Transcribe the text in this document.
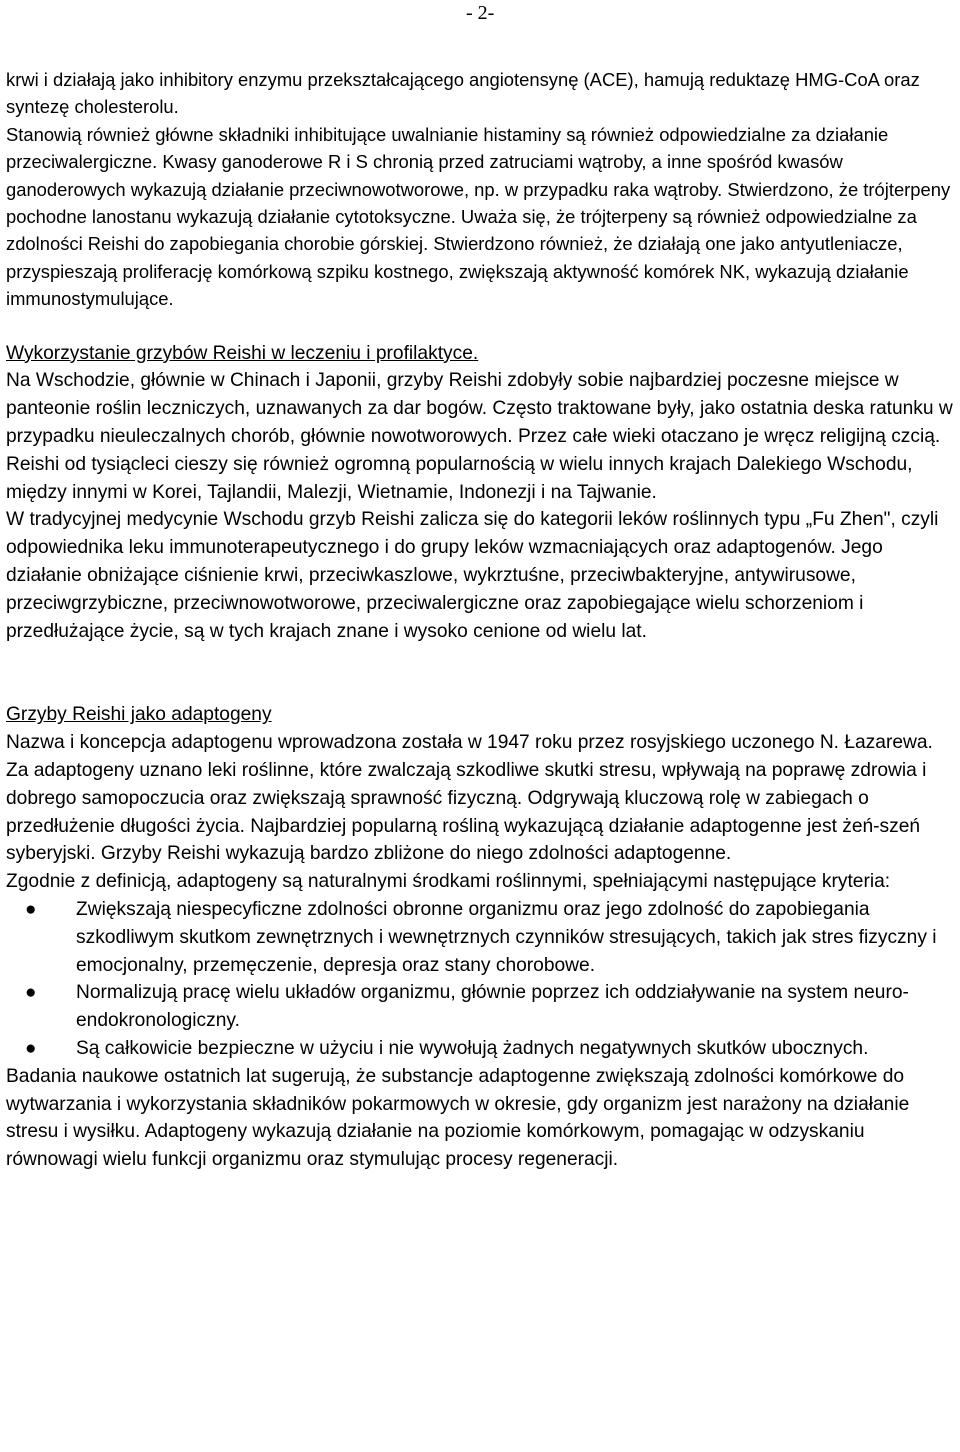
- 2-

krwi i działają jako inhibitory enzymu przekształcającego angiotensynę (ACE), hamują reduktazę HMG-CoA oraz syntezę cholesterolu.

Stanowią również główne składniki inhibitujące uwalnianie histaminy są również odpowiedzialne za działanie przeciwalergiczne. Kwasy ganoderowe R i S chronią przed zatruciami wątroby, a inne spośród kwasów ganoderowych wykazują działanie przeciwnowotworowe, np. w przypadku raka wątroby. Stwierdzono, że trójterpeny pochodne lanostanu wykazują działanie cytotoksyczne. Uważa się, że trójterpeny są również odpowiedzialne za zdolności Reishi do zapobiegania chorobie górskiej. Stwierdzono również, że działają one jako antyutleniacze, przyspieszają proliferację komórkową szpiku kostnego, zwiększają aktywność komórek NK, wykazują działanie immunostymulujące.

Wykorzystanie grzybów Reishi w leczeniu i profilaktyce.

Na Wschodzie, głównie w Chinach i Japonii, grzyby Reishi zdobyły sobie najbardziej poczesne miejsce w panteonie roślin leczniczych, uznawanych za dar bogów. Często traktowane były, jako ostatnia deska ratunku w przypadku nieuleczalnych chorób, głównie nowotworowych. Przez całe wieki otaczano je wręcz religijną czcią.

Reishi od tysiącleci cieszy się również ogromną popularnością w wielu innych krajach Dalekiego Wschodu, między innymi w Korei, Tajlandii, Malezji, Wietnamie, Indonezji i na Tajwanie.

W tradycyjnej medycynie Wschodu grzyb Reishi zalicza się do kategorii leków roślinnych typu „Fu Zhen", czyli odpowiednika leku immunoterapeutycznego i do grupy leków wzmacniających oraz adaptogenów. Jego działanie obniżające ciśnienie krwi, przeciwkaszlowe, wykrztuśne, przeciwbakteryjne, antywirusowe, przeciwgrzybiczne, przeciwnowotworowe, przeciwalergiczne oraz zapobiegające wielu schorzeniom i przedłużające życie, są w tych krajach znane i wysoko cenione od wielu lat.

Grzyby Reishi jako adaptogeny

Nazwa i koncepcja adaptogenu wprowadzona została w 1947 roku przez rosyjskiego uczonego N. Łazarewa. Za adaptogeny uznano leki roślinne, które zwalczają szkodliwe skutki stresu, wpływają na poprawę zdrowia i dobrego samopoczucia oraz zwiększają sprawność fizyczną. Odgrywają kluczową rolę w zabiegach o przedłużenie długości życia. Najbardziej popularną rośliną wykazującą działanie adaptogenne jest żeń-szeń syberyjski. Grzyby Reishi wykazują bardzo zbliżone do niego zdolności adaptogenne.

Zgodnie z definicją, adaptogeny są naturalnymi środkami roślinnymi, spełniającymi następujące kryteria:

● Zwiększają niespecyficzne zdolności obronne organizmu oraz jego zdolność do zapobiegania szkodliwym skutkom zewnętrznych i wewnętrznych czynników stresujących, takich jak stres fizyczny i emocjonalny, przemęczenie, depresja oraz stany chorobowe.
● Normalizują pracę wielu układów organizmu, głównie poprzez ich oddziaływanie na system neuro-endokronologiczny.
● Są całkowicie bezpieczne w użyciu i nie wywołują żadnych negatywnych skutków ubocznych.

Badania naukowe ostatnich lat sugerują, że substancje adaptogenne zwiększają zdolności komórkowe do wytwarzania i wykorzystania składników pokarmowych w okresie, gdy organizm jest narażony na działanie stresu i wysiłku. Adaptogeny wykazują działanie na poziomie komórkowym, pomagając w odzyskaniu równowagi wielu funkcji organizmu oraz stymulując procesy regeneracji.
